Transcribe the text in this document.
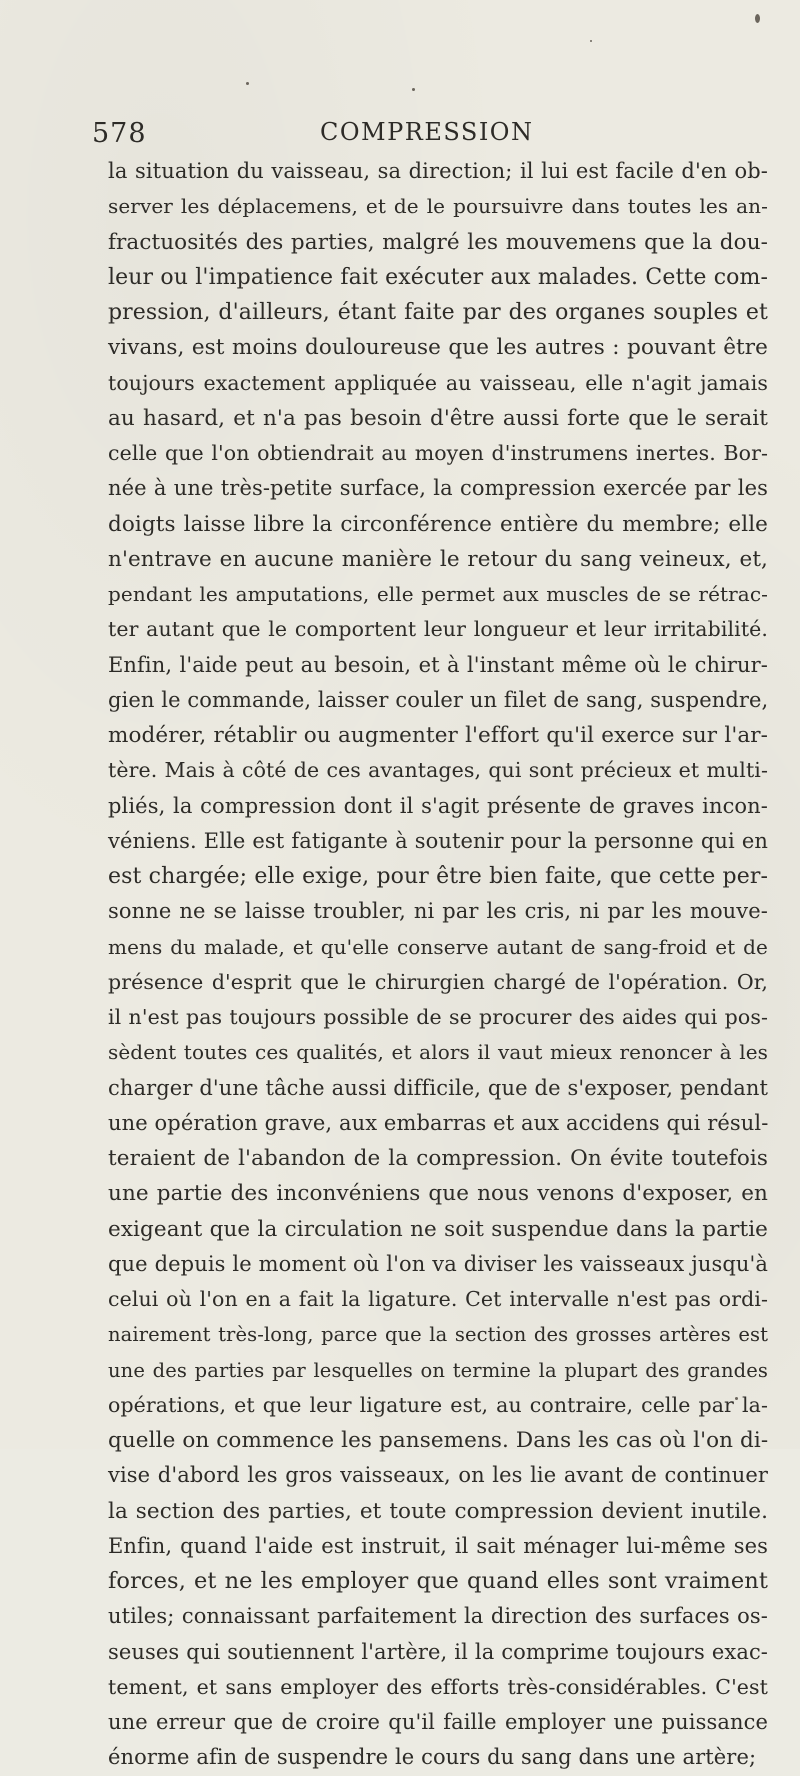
578	COMPRESSION
la situation du vaisseau, sa direction; il lui est facile d'en ob-
server les déplacemens, et de le poursuivre dans toutes les an-
fractuosités des parties, malgré les mouvemens que la dou-
leur ou l'impatience fait exécuter aux malades. Cette com-
pression, d'ailleurs, étant faite par des organes souples et
vivans, est moins douloureuse que les autres : pouvant être
toujours exactement appliquée au vaisseau, elle n'agit jamais
au hasard, et n'a pas besoin d'être aussi forte que le serait
celle que l'on obtiendrait au moyen d'instrumens inertes. Bor-
née à une très-petite surface, la compression exercée par les
doigts laisse libre la circonférence entière du membre; elle
n'entrave en aucune manière le retour du sang veineux, et,
pendant les amputations, elle permet aux muscles de se rétrac-
ter autant que le comportent leur longueur et leur irritabilité.
Enfin, l'aide peut au besoin, et à l'instant même où le chirur-
gien le commande, laisser couler un filet de sang, suspendre,
modérer, rétablir ou augmenter l'effort qu'il exerce sur l'ar-
tère. Mais à côté de ces avantages, qui sont précieux et multi-
pliés, la compression dont il s'agit présente de graves incon-
véniens. Elle est fatigante à soutenir pour la personne qui en
est chargée; elle exige, pour être bien faite, que cette per-
sonne ne se laisse troubler, ni par les cris, ni par les mouve-
mens du malade, et qu'elle conserve autant de sang-froid et de
présence d'esprit que le chirurgien chargé de l'opération. Or,
il n'est pas toujours possible de se procurer des aides qui pos-
sèdent toutes ces qualités, et alors il vaut mieux renoncer à les
charger d'une tâche aussi difficile, que de s'exposer, pendant
une opération grave, aux embarras et aux accidens qui résul-
teraient de l'abandon de la compression. On évite toutefois
une partie des inconvéniens que nous venons d'exposer, en
exigeant que la circulation ne soit suspendue dans la partie
que depuis le moment où l'on va diviser les vaisseaux jusqu'à
celui où l'on en a fait la ligature. Cet intervalle n'est pas ordi-
nairement très-long, parce que la section des grosses artères est
une des parties par lesquelles on termine la plupart des grandes
opérations, et que leur ligature est, au contraire, celle par la-
quelle on commence les pansemens. Dans les cas où l'on di-
vise d'abord les gros vaisseaux, on les lie avant de continuer
la section des parties, et toute compression devient inutile.
Enfin, quand l'aide est instruit, il sait ménager lui-même ses
forces, et ne les employer que quand elles sont vraiment
utiles; connaissant parfaitement la direction des surfaces os-
seuses qui soutiennent l'artère, il la comprime toujours exac-
tement, et sans employer des efforts très-considérables. C'est
une erreur que de croire qu'il faille employer une puissance
énorme afin de suspendre le cours du sang dans une artère;
